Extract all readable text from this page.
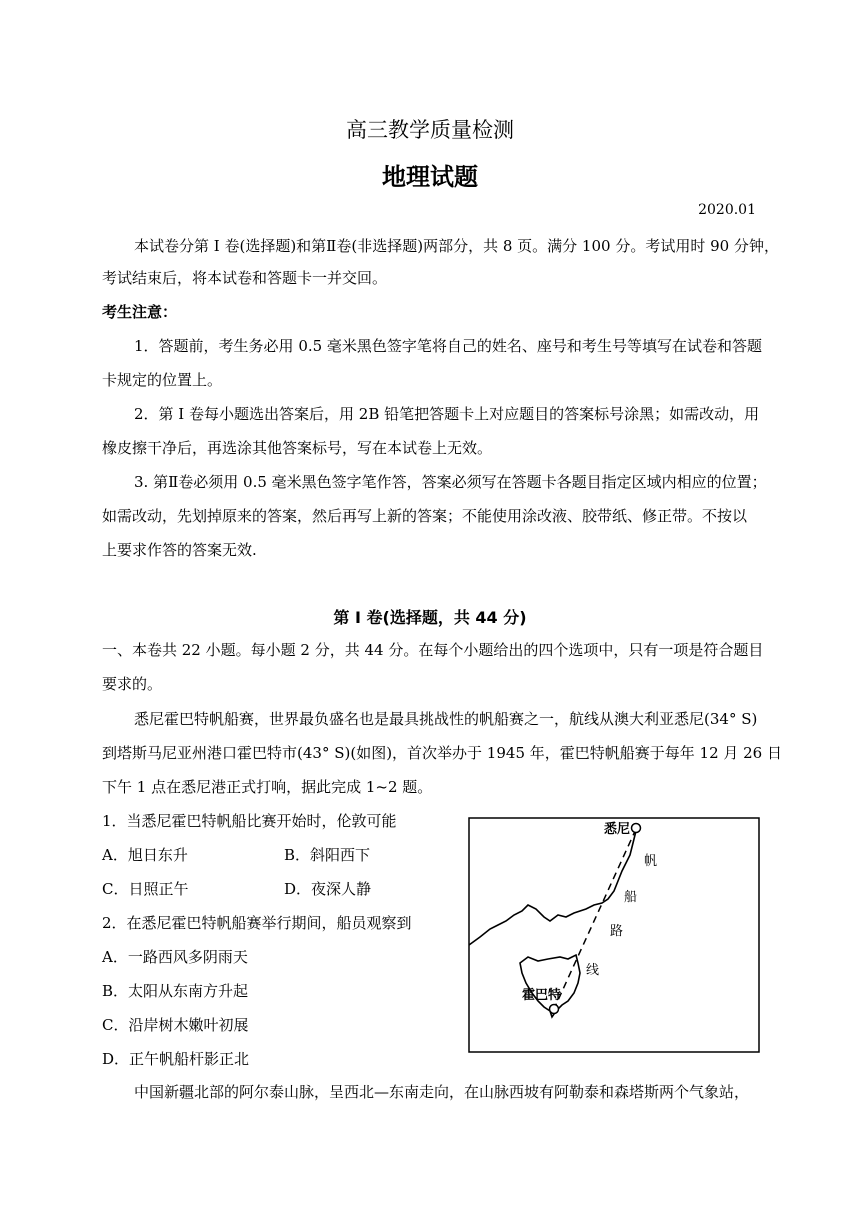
高三教学质量检测
地理试题
2020.01
本试卷分第 I 卷(选择题)和第Ⅱ卷(非选择题)两部分，共 8 页。满分 100 分。考试用时 90 分钟，
考试结束后，将本试卷和答题卡一并交回。
考生注意：
1．答题前，考生务必用 0.5 毫米黑色签字笔将自己的姓名、座号和考生号等填写在试卷和答题
卡规定的位置上。
2．第 I 卷每小题选出答案后，用 2B 铅笔把答题卡上对应题目的答案标号涂黑；如需改动，用
橡皮擦干净后，再选涂其他答案标号，写在本试卷上无效。
3. 第Ⅱ卷必须用 0.5 毫米黑色签字笔作答，答案必须写在答题卡各题目指定区域内相应的位置；
如需改动，先划掉原来的答案，然后再写上新的答案；不能使用涂改液、胶带纸、修正带。不按以
上要求作答的答案无效.
第 I 卷(选择题，共 44 分)
一、本卷共 22 小题。每小题 2 分，共 44 分。在每个小题给出的四个选项中，只有一项是符合题目
要求的。
悉尼霍巴特帆船赛，世界最负盛名也是最具挑战性的帆船赛之一，航线从澳大利亚悉尼(34° S)
到塔斯马尼亚州港口霍巴特市(43° S)(如图)，首次举办于 1945 年，霍巴特帆船赛于每年 12 月 26 日
下午 1 点在悉尼港正式打响，据此完成 1~2 题。
1．当悉尼霍巴特帆船比赛开始时，伦敦可能
A．旭日东升	B．斜阳西下
C．日照正午	D．夜深人静
2．在悉尼霍巴特帆船赛举行期间，船员观察到
A．一路西风多阴雨天
B．太阳从东南方升起
C．沿岸树木嫩叶初展
D．正午帆船杆影正北
悉尼
霍巴特
帆
船
路
线
中国新疆北部的阿尔泰山脉，呈西北—东南走向，在山脉西坡有阿勒泰和森塔斯两个气象站，
